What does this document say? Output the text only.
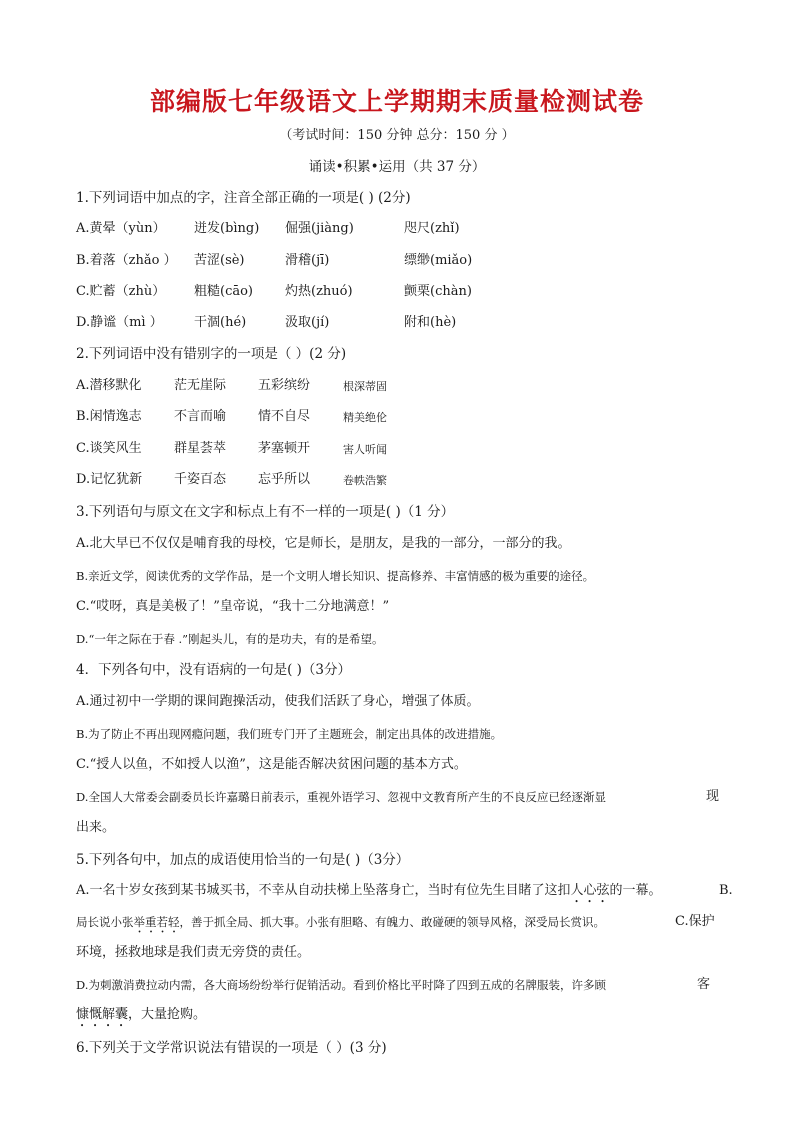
部编版七年级语文上学期期末质量检测试卷
（考试时间：150 分钟 总分：150 分 ）
诵读•积累•运用（共 37 分）
1.下列词语中加点的字，注音全部正确的一项是( ) (2分)
A.黄晕（yùn） 迸发(bìng) 倔强(jiàng)	咫尺(zhǐ)
B.着落（zhǎo ） 苦涩(sè)	滑稽(jī)	缥缈(miǎo)
C.贮蓄（zhù） 粗糙(cāo) 灼热(zhuó)	颤栗(chàn)
D.静谧（mì ） 干涸(hé)	汲取(jí)	附和(hè)
2.下列词语中没有错别字的一项是（ ）(2 分)
A.潜移默化 茫无崖际 五彩缤纷	根深蒂固
B.闲情逸志 不言而喻 情不自尽	精美绝伦
C.谈笑风生 群星荟萃 茅塞顿开	害人听闻
D.记忆犹新 千姿百态 忘乎所以	卷帙浩繁
3.下列语句与原文在文字和标点上有不一样的一项是( )（1 分）
A.北大早已不仅仅是哺育我的母校，它是师长，是朋友，是我的一部分，一部分的我。
B.亲近文学，阅读优秀的文学作品，是一个文明人增长知识、提高修养、丰富情感的极为重要的途径。
C.“哎呀，真是美极了！”皇帝说，“我十二分地满意！”
D.“一年之际在于春 .”刚起头儿，有的是功夫，有的是希望。
4．下列各句中，没有语病的一句是( )（3分）
A.通过初中一学期的课间跑操活动，使我们活跃了身心，增强了体质。
B.为了防止不再出现网瘾问题，我们班专门开了主题班会，制定出具体的改进措施。
C.“授人以鱼，不如授人以渔”，这是能否解决贫困问题的基本方式。
D.全国人大常委会副委员长许嘉璐日前表示，重视外语学习、忽视中文教育所产生的不良反应已经逐渐显	现
出来。
5.下列各句中，加点的成语使用恰当的一句是( )（3分）
A.一名十岁女孩到某书城买书，不幸从自动扶梯上坠落身亡，当时有位先生目睹了这扣人心弦的一幕。	B.
局长说小张举重若轻，善于抓全局、抓大事。小张有胆略、有魄力、敢碰硬的领导风格，深受局长赏识。	C.保护
环境，拯救地球是我们责无旁贷的责任。
D.为刺激消费拉动内需，各大商场纷纷举行促销活动。看到价格比平时降了四到五成的名牌服装，许多顾	客
慷慨解囊，大量抢购。
6.下列关于文学常识说法有错误的一项是（ ）(3 分)
